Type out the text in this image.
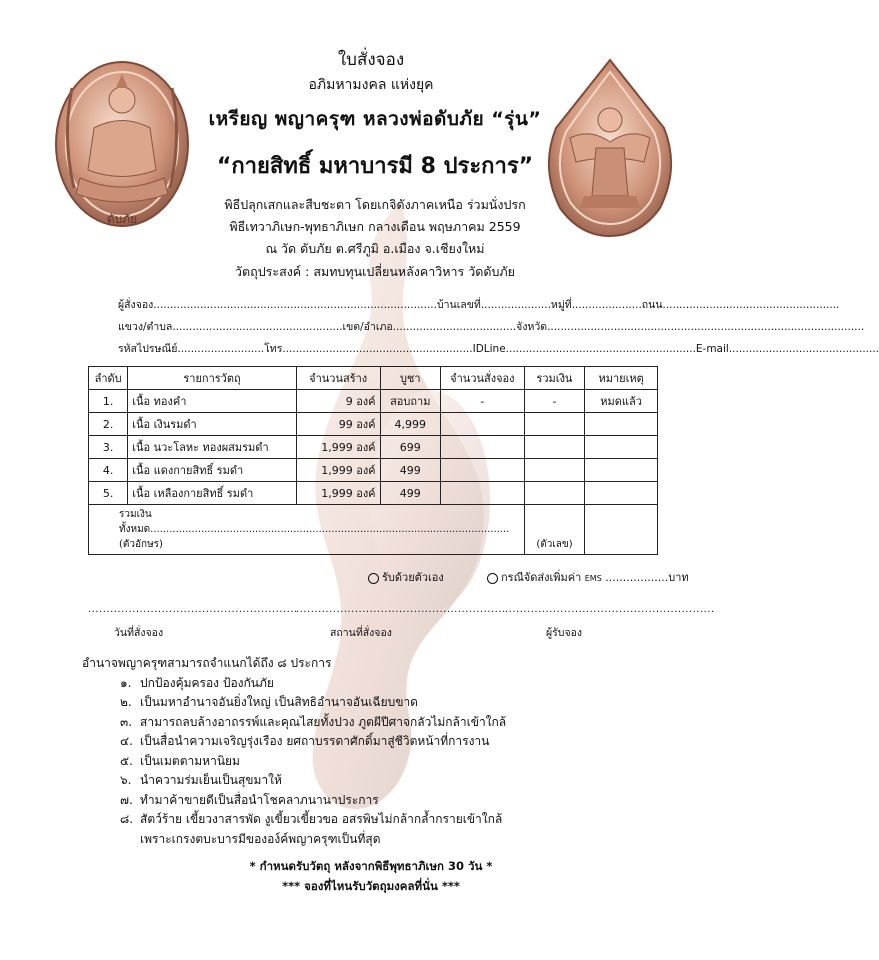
ดับภัย
ใบสั่งจอง
อภิมหามงคล แห่งยุค
เหรียญ พญาครุฑ หลวงพ่อดับภัย “รุ่น”
“กายสิทธิ์ มหาบารมี 8 ประการ”
พิธีปลุกเสกและสืบชะตา โดยเกจิดังภาคเหนือ ร่วมนั่งปรก
พิธีเทวาภิเษก-พุทธาภิเษก กลางเดือน พฤษภาคม 2559
ณ วัด ดับภัย ต.ศรีภูมิ อ.เมือง จ.เชียงใหม่
วัตถุประสงค์ : สมทบทุนเปลี่ยนหลังคาวิหาร วัดดับภัย
ผู้สั่งจอง.....................................................................................บ้านเลขที่.....................หมู่ที่.....................ถนน.....................................................
แขวง/ตำบล...................................................เขต/อำเภอ.....................................จังหวัด...............................................................................................
รหัสไปรษณีย์..........................โทร.........................................................IDLine.........................................................E-mail.............................................
ลำดับ	รายการวัตถุ	จำนวนสร้าง	บูชา	จำนวนสั่งจอง	รวมเงิน	หมายเหตุ
1.	เนื้อ ทองคำ	9 องค์	สอบถาม	-	-	หมดแล้ว
2.	เนื้อ เงินรมดำ	99 องค์	4,999			
3.	เนื้อ นวะโลหะ ทองผสมรมดำ	1,999 องค์	699			
4.	เนื้อ แดงกายสิทธิ์ รมดำ	1,999 องค์	499			
5.	เนื้อ เหลืองกายสิทธิ์ รมดำ	1,999 องค์	499			
รวมเงินทั้งหมด.................................................................................................................(ตัวอักษร)					(ตัวเลข)	
รับด้วยตัวเอง	กรณีจัดส่งเพิ่มค่า EMS ..................บาท
.........................................................
......................................................... .........................................................
วันที่สั่งจอง	สถานที่สั่งจอง	ผู้รับจอง
อำนาจพญาครุฑสามารถจำแนกได้ถึง ๘ ประการ
๑. ปกป้องคุ้มครอง ป้องกันภัย
๒. เป็นมหาอำนาจอันยิ่งใหญ่ เป็นสิทธิอำนาจอันเฉียบขาด
๓. สามารถลบล้างอาถรรพ์และคุณไสยทั้งปวง ภูตผีปีศาจกลัวไม่กล้าเข้าใกล้
๔. เป็นสื่อนำความเจริญรุ่งเรือง ยศถาบรรดาศักดิ์มาสู่ชีวิตหน้าที่การงาน
๕. เป็นเมตตามหานิยม
๖. นำความร่มเย็นเป็นสุขมาให้
๗. ทำมาค้าขายดีเป็นสื่อนำโชคลาภนานาประการ
๘. สัตว์ร้าย เขี้ยวงาสารพัด งูเขี้ยวเขี้ยวขอ อสรพิษไม่กล้ากล้ำกรายเข้าใกล้
เพราะเกรงตบะบารมีขององ์ค์พญาครุฑเป็นที่สุด
* กำหนดรับวัตถุ หลังจากพิธีพุทธาภิเษก 30 วัน *
*** จองที่ไหนรับวัตถุมงคลที่นั่น ***
